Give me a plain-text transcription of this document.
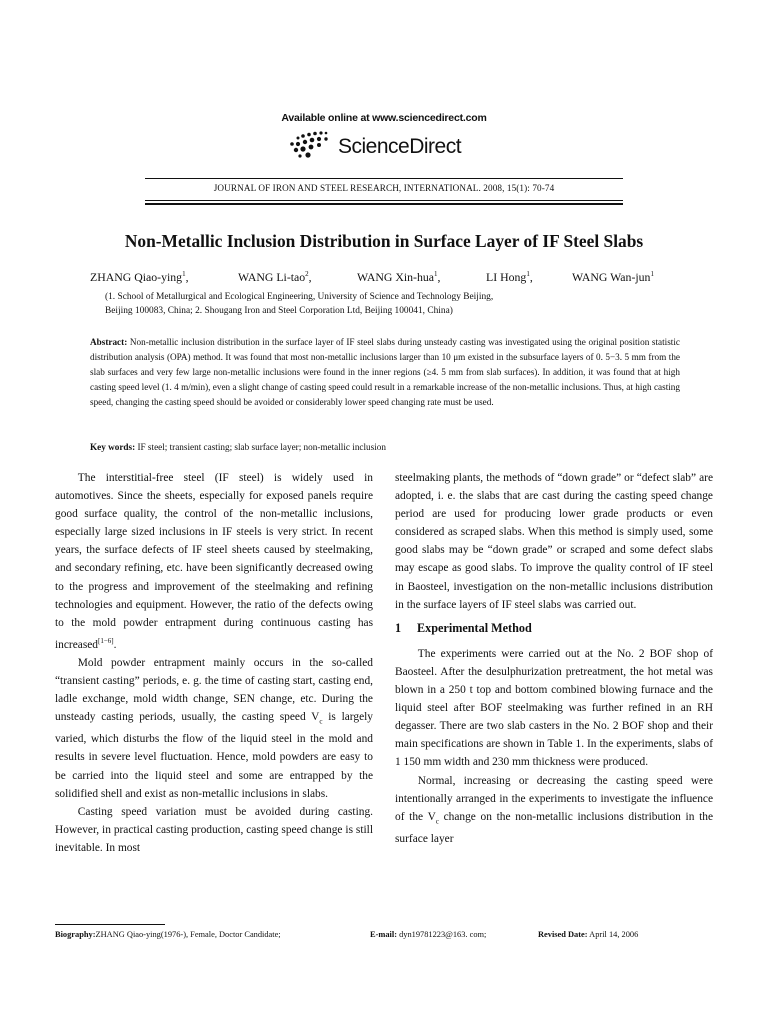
Available online at www.sciencedirect.com
ScienceDirect
JOURNAL OF IRON AND STEEL RESEARCH, INTERNATIONAL. 2008, 15(1): 70-74
Non-Metallic Inclusion Distribution in Surface Layer of IF Steel Slabs
ZHANG Qiao-ying$^1$,	WANG Li-tao$^2$,	WANG Xin-hua$^1$,	LI Hong$^1$,	WANG Wan-jun$^1$
(1. School of Metallurgical and Ecological Engineering, University of Science and Technology Beijing,
Beijing 100083, China; 2. Shougang Iron and Steel Corporation Ltd, Beijing 100041, China)
Abstract: Non-metallic inclusion distribution in the surface layer of IF steel slabs during unsteady casting was investigated using the original position statistic distribution analysis (OPA) method. It was found that most non-metallic inclusions larger than 10 μm existed in the subsurface layers of 0. 5−3. 5 mm from the slab surfaces and very few large non-metallic inclusions were found in the inner regions (≥4. 5 mm from slab surfaces). In addition, it was found that at high casting speed level (1. 4 m/min), even a slight change of casting speed could result in a remarkable increase of the non-metallic inclusions. Thus, at high casting speed, changing the casting speed should be avoided or considerably lower speed changing rate must be used.
Key words: IF steel; transient casting; slab surface layer; non-metallic inclusion

The interstitial-free steel (IF steel) is widely used in automotives. Since the sheets, especially for exposed panels require good surface quality, the control of the non-metallic inclusions, especially large sized inclusions in IF steels is very strict. In recent years, the surface defects of IF steel sheets caused by steelmaking, and secondary refining, etc. have been significantly decreased owing to the progress and improvement of the steelmaking and refining technologies and equipment. However, the ratio of the defects owing to the mold powder entrapment during continuous casting has increased[1−6].

Mold powder entrapment mainly occurs in the so-called “transient casting” periods, e. g. the time of casting start, casting end, ladle exchange, mold width change, SEN change, etc. During the unsteady casting periods, usually, the casting speed $V_c$ is largely varied, which disturbs the flow of the liquid steel in the mold and results in severe level fluctuation. Hence, mold powders are easy to be carried into the liquid steel and some are entrapped by the solidified shell and exist as non-metallic inclusions in slabs.

Casting speed variation must be avoided during casting. However, in practical casting production, casting speed change is still inevitable. In most

steelmaking plants, the methods of “down grade” or “defect slab” are adopted, i. e. the slabs that are cast during the casting speed change period are used for producing lower grade products or even considered as scraped slabs. When this method is simply used, some good slabs may be “down grade” or scraped and some defect slabs may escape as good slabs. To improve the quality control of IF steel in Baosteel, investigation on the non-metallic inclusions distribution in the surface layers of IF steel slabs was carried out.

1 Experimental Method

The experiments were carried out at the No. 2 BOF shop of Baosteel. After the desulphurization pretreatment, the hot metal was blown in a 250 t top and bottom combined blowing furnace and the liquid steel after BOF steelmaking was further refined in an RH degasser. There are two slab casters in the No. 2 BOF shop and their main specifications are shown in Table 1. In the experiments, slabs of 1 150 mm width and 230 mm thickness were produced.

Normal, increasing or decreasing the casting speed were intentionally arranged in the experiments to investigate the influence of the $V_c$ change on the non-metallic inclusions distribution in the surface layer

Biography:ZHANG Qiao-ying(1976-), Female, Doctor Candidate;	E-mail: dyn19781223@163. com;	Revised Date: April 14, 2006
